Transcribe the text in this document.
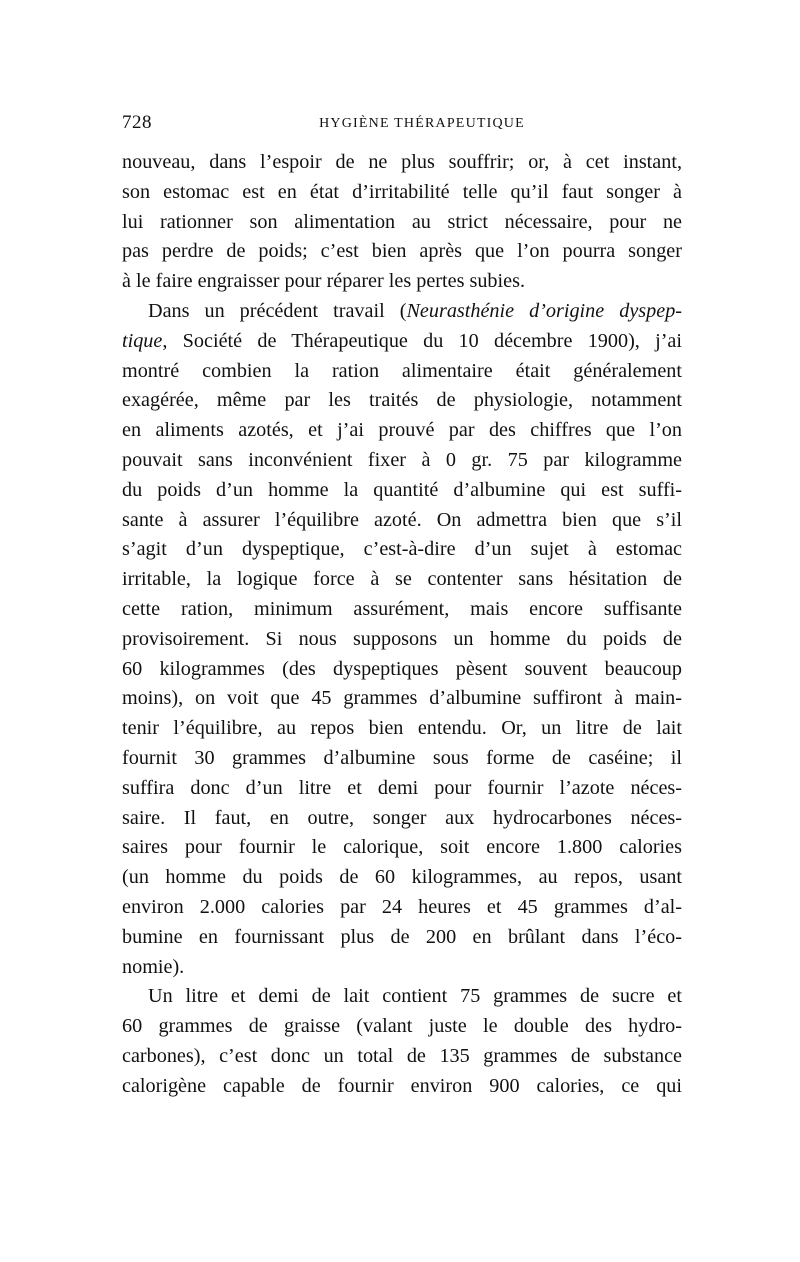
728	HYGIÈNE THÉRAPEUTIQUE
nouveau, dans l’espoir de ne plus souffrir; or, à cet instant,
son estomac est en état d’irritabilité telle qu’il faut songer à
lui rationner son alimentation au strict nécessaire, pour ne
pas perdre de poids; c’est bien après que l’on pourra songer
à le faire engraisser pour réparer les pertes subies.
Dans un précédent travail (Neurasthénie d’origine dyspep-
tique, Société de Thérapeutique du 10 décembre 1900), j’ai
montré combien la ration alimentaire était généralement
exagérée, même par les traités de physiologie, notamment
en aliments azotés, et j’ai prouvé par des chiffres que l’on
pouvait sans inconvénient fixer à 0 gr. 75 par kilogramme
du poids d’un homme la quantité d’albumine qui est suffi-
sante à assurer l’équilibre azoté. On admettra bien que s’il
s’agit d’un dyspeptique, c’est-à-dire d’un sujet à estomac
irritable, la logique force à se contenter sans hésitation de
cette ration, minimum assurément, mais encore suffisante
provisoirement. Si nous supposons un homme du poids de
60 kilogrammes (des dyspeptiques pèsent souvent beaucoup
moins), on voit que 45 grammes d’albumine suffiront à main-
tenir l’équilibre, au repos bien entendu. Or, un litre de lait
fournit 30 grammes d’albumine sous forme de caséine; il
suffira donc d’un litre et demi pour fournir l’azote néces-
saire. Il faut, en outre, songer aux hydrocarbones néces-
saires pour fournir le calorique, soit encore 1.800 calories
(un homme du poids de 60 kilogrammes, au repos, usant
environ 2.000 calories par 24 heures et 45 grammes d’al-
bumine en fournissant plus de 200 en brûlant dans l’éco-
nomie).
Un litre et demi de lait contient 75 grammes de sucre et
60 grammes de graisse (valant juste le double des hydro-
carbones), c’est donc un total de 135 grammes de substance
calorigène capable de fournir environ 900 calories, ce qui
